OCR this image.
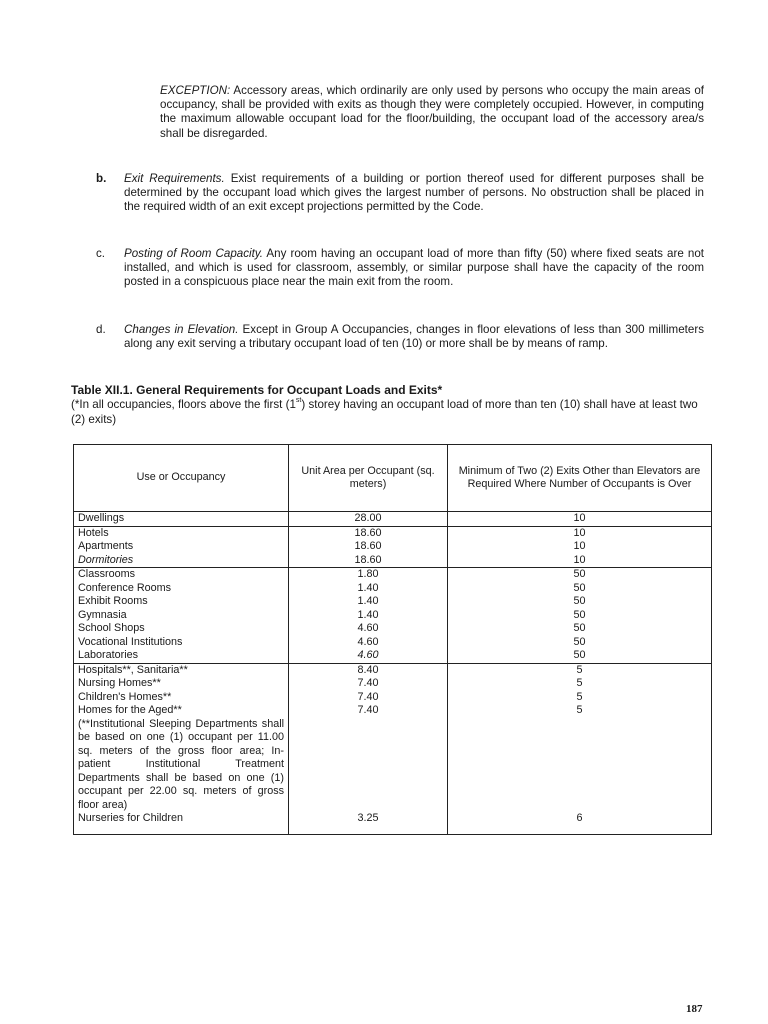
EXCEPTION: Accessory areas, which ordinarily are only used by persons who occupy the main areas of occupancy, shall be provided with exits as though they were completely occupied. However, in computing the maximum allowable occupant load for the floor/building, the occupant load of the accessory area/s shall be disregarded.

b. Exit Requirements. Exist requirements of a building or portion thereof used for different purposes shall be determined by the occupant load which gives the largest number of persons. No obstruction shall be placed in the required width of an exit except projections permitted by the Code.

c. Posting of Room Capacity. Any room having an occupant load of more than fifty (50) where fixed seats are not installed, and which is used for classroom, assembly, or similar purpose shall have the capacity of the room posted in a conspicuous place near the main exit from the room.

d. Changes in Elevation. Except in Group A Occupancies, changes in floor elevations of less than 300 millimeters along any exit serving a tributary occupant load of ten (10) or more shall be by means of ramp.

Table XII.1. General Requirements for Occupant Loads and Exits*

(*In all occupancies, floors above the first (1st) storey having an occupant load of more than ten (10) shall have at least two (2) exits)

Use or Occupancy	Unit Area per Occupant (sq. meters)	Minimum of Two (2) Exits Other than Elevators are Required Where Number of Occupants is Over
Dwellings	28.00	10
Hotels	18.60	10
Apartments	18.60	10
Dormitories	18.60	10
Classrooms	1.80	50
Conference Rooms	1.40	50
Exhibit Rooms	1.40	50
Gymnasia	1.40	50
School Shops	4.60	50
Vocational Institutions	4.60	50
Laboratories	4.60	50
Hospitals**, Sanitaria**	8.40	5
Nursing Homes**	7.40	5
Children's Homes**	7.40	5
Homes for the Aged**	7.40	5
(**Institutional Sleeping Departments shall be based on one (1) occupant per 11.00 sq. meters of the gross floor area; In-patient Institutional Treatment Departments shall be based on one (1) occupant per 22.00 sq. meters of gross floor area)		
Nurseries for Children	3.25	6
187
